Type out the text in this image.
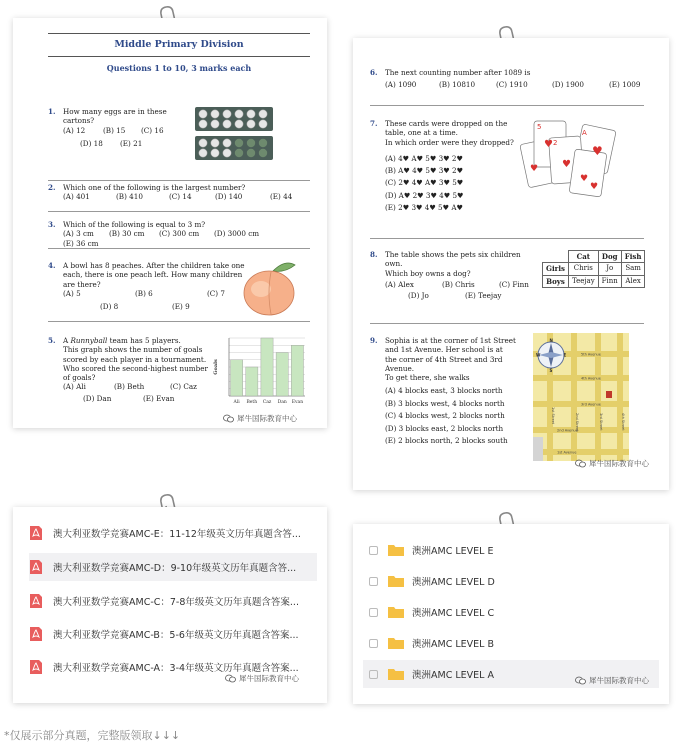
Middle Primary Division
Questions 1 to 10, 3 marks each
1. How many eggs are in these
cartons?
(A) 12 (B) 15 (C) 16
(D) 18 (E) 21
2. Which one of the following is the largest number?
(A) 401	(B) 410	(C) 14	(D) 140	(E) 44
3. Which of the following is equal to 3 m?
(A) 3 cm (B) 30 cm (C) 300 cm (D) 3000 cm(E) 36 cm
4. A bowl has 8 peaches. After the children take one
each, there is one peach left. How many children
are there?
(A) 5	(B) 6	(C) 7
(D) 8	(E) 9
5. A Runnyball team has 5 players.
This graph shows the number of goals
scored by each player in a tournament.
Who scored the second-highest number
of goals?
(A) Ali	(B) Beth	(C) Caz
(D) Dan	(E) Evan	Ali Beth Caz Dan Evan
Goals
犀牛国际教育中心
6. The next counting number after 1089 is
(A) 1090	(B) 10810	(C) 1910	(D) 1900	(E) 1009
7. These cards were dropped on the
table, one at a time.
In which order were they dropped?
(A) 4♥ A♥ 5♥ 3♥ 2♥
(B) A♥ 4♥ 5♥ 3♥ 2♥
(C) 2♥ 4♥ A♥ 3♥ 5♥
(D) A♥ 2♥ 3♥ 4♥ 5♥
(E) 2♥ 3♥ 4♥ 5♥ A♥
5
♥ 2
♥
A
♥
♥
♥
♥
8. The table shows the pets six children
own.
Which boy owns a dog?
(A) Alex	(B) Chris	(C) Finn
(D) Jo	(E) Teejay
	Cat	Dog	Fish
Girls	Chris	Jo	Sam
Boys	Teejay	Finn	Alex
9. Sophia is at the corner of 1st Street
and 1st Avenue. Her school is at
the corner of 4th Street and 3rd
Avenue.
To get there, she walks
(A) 4 blocks east, 3 blocks north
(B) 3 blocks west, 4 blocks north
(C) 4 blocks west, 2 blocks north
(D) 3 blocks east, 2 blocks north
(E) 2 blocks north, 2 blocks south
N
W	E
S
5th Avenue
4th Avenue
3rd Avenue
2nd Avenue
1st Avenue
1st Street	2nd Street	3rd Street	4th Street
犀牛国际教育中心
澳大利亚数学竞赛AMC-E：11-12年级英文历年真题含答...
澳大利亚数学竞赛AMC-D：9-10年级英文历年真题含答...
澳大利亚数学竞赛AMC-C：7-8年级英文历年真题含答案...
澳大利亚数学竞赛AMC-B：5-6年级英文历年真题含答案...
澳大利亚数学竞赛AMC-A：3-4年级英文历年真题含答案...
犀牛国际教育中心
澳洲AMC LEVEL E
澳洲AMC LEVEL D
澳洲AMC LEVEL C
澳洲AMC LEVEL B
澳洲AMC LEVEL A	犀牛国际教育中心
*仅展示部分真题，完整版领取↓↓↓
